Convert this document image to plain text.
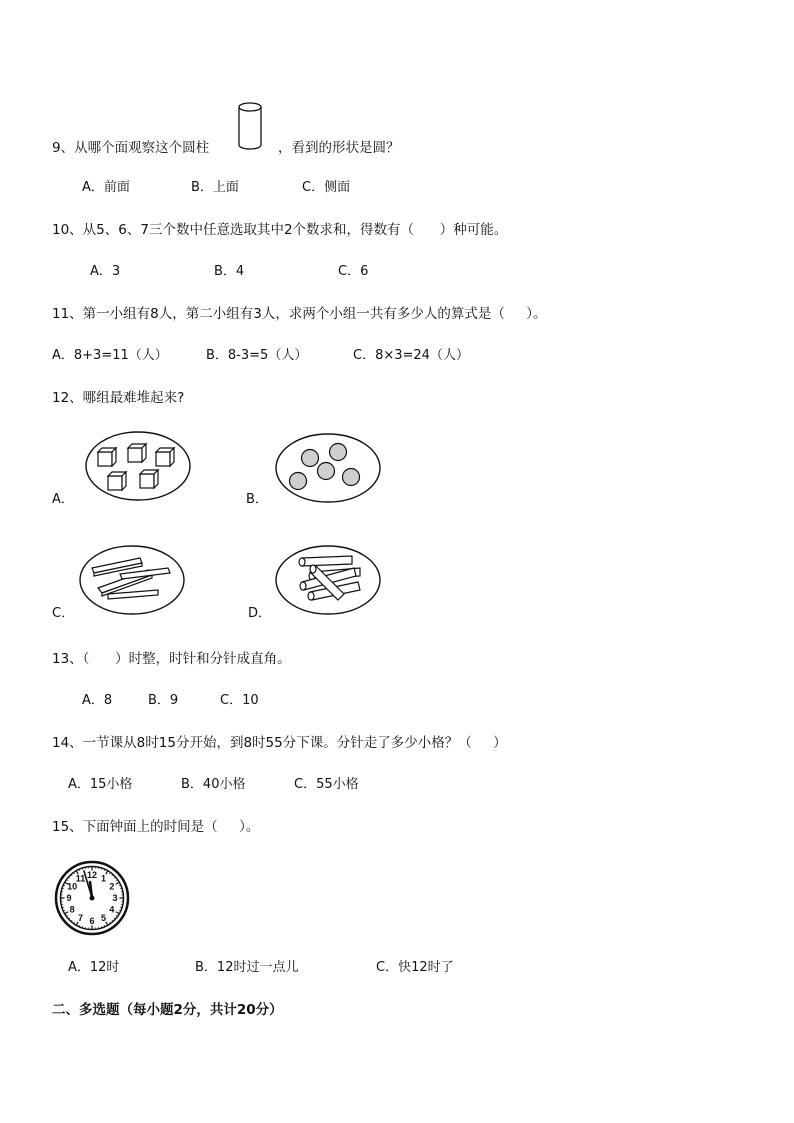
9、从哪个面观察这个圆柱	，看到的形状是圆？
A．前面	B．上面	C．侧面
10、从5、6、7三个数中任意选取其中2个数求和，得数有（      ）种可能。
A．3	B．4	C．6
11、第一小组有8人，第二小组有3人，求两个小组一共有多少人的算式是（     ）。
A．8+3=11（人）	B．8-3=5（人）	C．8×3=24（人）
12、哪组最难堆起来?
A．	B．
C．	D．
13、（      ）时整，时针和分针成直角。
A．8	B．9	C．10
14、一节课从8时15分开始，到8时55分下课。分针走了多少小格？（     ）
A．15小格	B．40小格	C．55小格
15、下面钟面上的时间是（     ）。
12 1
2
3
4
5
6
7
8
9
10
11
A．12时	B．12时过一点儿	C．快12时了
二、多选题（每小题2分，共计20分）
